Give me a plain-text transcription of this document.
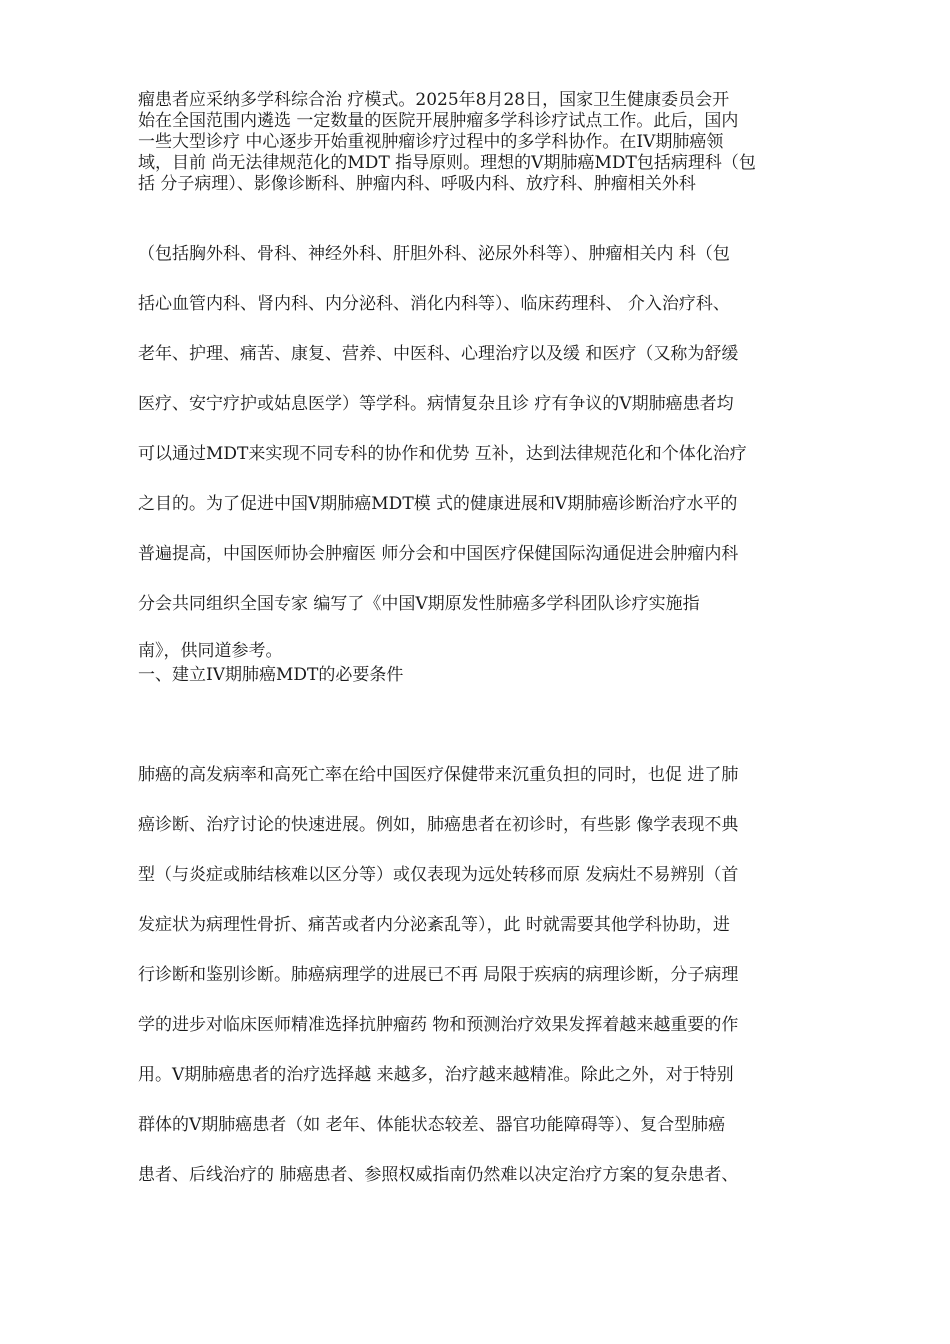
瘤患者应采纳多学科综合治 疗模式。2025年8月28日，国家卫生健康委员会开
始在全国范围内遴选 一定数量的医院开展肿瘤多学科诊疗试点工作。此后，国内
一些大型诊疗 中心逐步开始重视肿瘤诊疗过程中的多学科协作。在IV期肺癌领
域，目前 尚无法律规范化的MDT 指导原则。理想的V期肺癌MDT包括病理科（包
括 分子病理）、影像诊断科、肿瘤内科、呼吸内科、放疗科、肿瘤相关外科
（包括胸外科、骨科、神经外科、肝胆外科、泌尿外科等）、肿瘤相关内 科（包
括心血管内科、肾内科、内分泌科、消化内科等）、临床药理科、 介入治疗科、
老年、护理、痛苦、康复、营养、中医科、心理治疗以及缓 和医疗（又称为舒缓
医疗、安宁疗护或姑息医学）等学科。病情复杂且诊 疗有争议的V期肺癌患者均
可以通过MDT来实现不同专科的协作和优势 互补，达到法律规范化和个体化治疗
之目的。为了促进中国V期肺癌MDT模 式的健康进展和V期肺癌诊断治疗水平的
普遍提高，中国医师协会肿瘤医 师分会和中国医疗保健国际沟通促进会肿瘤内科
分会共同组织全国专家 编写了《中国V期原发性肺癌多学科团队诊疗实施指
南》，供同道参考。
一、建立IV期肺癌MDT的必要条件
肺癌的高发病率和高死亡率在给中国医疗保健带来沉重负担的同时，也促 进了肺
癌诊断、治疗讨论的快速进展。例如，肺癌患者在初诊时，有些影 像学表现不典
型（与炎症或肺结核难以区分等）或仅表现为远处转移而原 发病灶不易辨别（首
发症状为病理性骨折、痛苦或者内分泌紊乱等），此 时就需要其他学科协助，进
行诊断和鉴别诊断。肺癌病理学的进展已不再 局限于疾病的病理诊断，分子病理
学的进步对临床医师精准选择抗肿瘤药 物和预测治疗效果发挥着越来越重要的作
用。V期肺癌患者的治疗选择越 来越多，治疗越来越精准。除此之外，对于特别
群体的V期肺癌患者（如 老年、体能状态较差、器官功能障碍等）、复合型肺癌
患者、后线治疗的 肺癌患者、参照权威指南仍然难以决定治疗方案的复杂患者、
